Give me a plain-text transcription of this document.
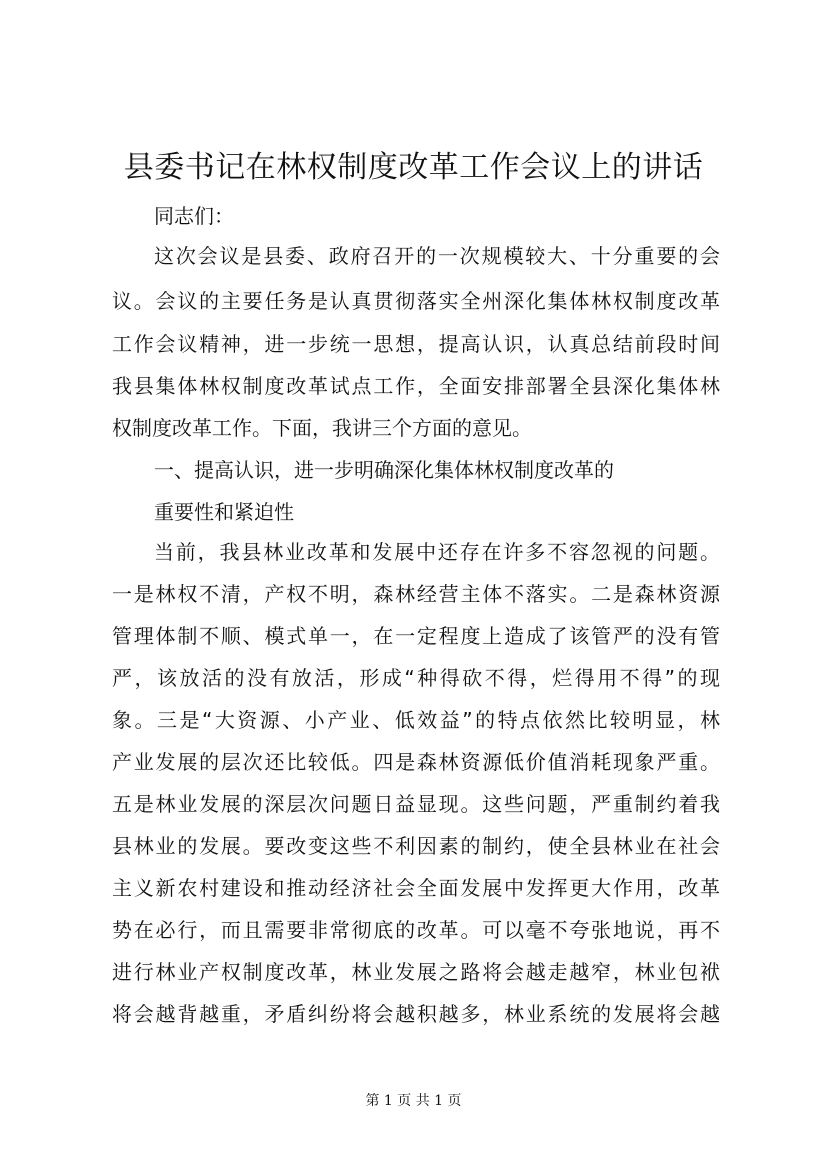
县委书记在林权制度改革工作会议上的讲话
同志们：
这次会议是县委、政府召开的一次规模较大、十分重要的会
议。会议的主要任务是认真贯彻落实全州深化集体林权制度改革
工作会议精神，进一步统一思想，提高认识，认真总结前段时间
我县集体林权制度改革试点工作，全面安排部署全县深化集体林
权制度改革工作。下面，我讲三个方面的意见。
一、提高认识，进一步明确深化集体林权制度改革的
重要性和紧迫性
当前，我县林业改革和发展中还存在许多不容忽视的问题。
一是林权不清，产权不明，森林经营主体不落实。二是森林资源
管理体制不顺、模式单一，在一定程度上造成了该管严的没有管
严，该放活的没有放活，形成“种得砍不得，烂得用不得”的现
象。三是“大资源、小产业、低效益”的特点依然比较明显，林
产业发展的层次还比较低。四是森林资源低价值消耗现象严重。
五是林业发展的深层次问题日益显现。这些问题，严重制约着我
县林业的发展。要改变这些不利因素的制约，使全县林业在社会
主义新农村建设和推动经济社会全面发展中发挥更大作用，改革
势在必行，而且需要非常彻底的改革。可以毫不夸张地说，再不
进行林业产权制度改革，林业发展之路将会越走越窄，林业包袱
将会越背越重，矛盾纠纷将会越积越多，林业系统的发展将会越
第 1 页 共 1 页
